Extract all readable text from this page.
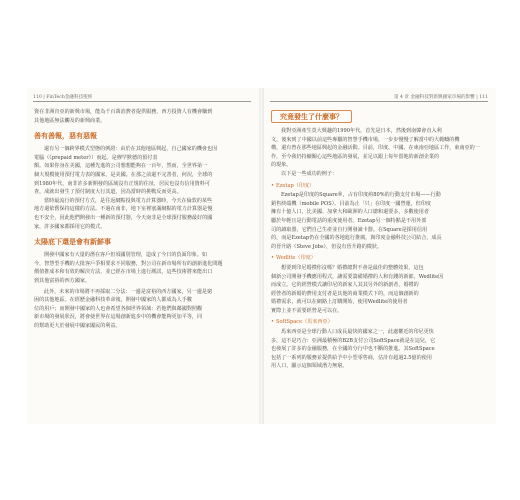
110 | FinTech金融科技聖經
資在非洲肯亞的新興市場，能為千百萬消費者提供服務，西方投資人有機會賺到
其他地區無法觸及的新興商業。
善有善報，惡有惡報
還有另一個跨界模式型態的例證：由於在其他地區興起，自己國家的機會也因
電腦（《prepaid meter》）而起。是穆罕默德的預付表
額。如果你身在美國，這種先進的公司想想能夠在一百年，然而，全世界第一
個大規模使用預付電力表的國家，是美國。在那之前還不完善者，何況，全球的
到1980年代，南非許多新開發的區域沒有正規的住址，居民也沒有信用資料可
查，成就出發生了預付制度大行其道，因為當時的挑戰反而更高。
當時最流行的預付方式，是往返網點投與電力計算器時，今天在倫敦的某些
地方還依舊保持這樣的方法。不過在南非，地下室裡塞滿網點的電力計算器是慢
也不安全，因此他們開發出一種新的預付器，今天南非是全球預付服務最好的國
家，許多國家都採用它的模式。
太陽底下還是會有新鮮事
開發中國家有大量的潛在客戶但須國別管理，造成了今日的負面印象。如
今，智慧型手機的大批客戶爭相要求不同服務，對公司在新市場所有的創新進化問題
價值推成本和有效的解決方法，並已經在市場上進行測試，這些技術將來能出口
到其他富裕的西方國家。
此外，未來的市場將不再採取二分法：一邊是富裕的西方國家，另一邊是窮
困的其他地區。在經歷金融科技革命後，開發中國家的人都成為人手數
位的用戶；而開發中國家的人也會希望各個世界領域：若他們與鄰國對照觀
新市場的發展狀況，將會使世界在這場創新進步中的機會能夠更加平等，同
的幫助更大於發展中國家國民的利益。
第 4 章 金融科技對新興國家市場的影響 | 111
究竟發生了什麼事？
我對亞洲產生莫大興趣的1990年代，首先是日本，然後到南韓會直入利
文，後來到了中國以前這些專屬的智慧手機市場，一步步慢慢了解當中的大範疇的機
構，還有曾在那些地區興起的金融活動。目前，印度、中國、在東南亞地區工作，東南亞的一
作，至今我仍持續關心這些地區的發展，並足以跟上每年當地的新創企業的
的現象。
以下是一些成功的例子：
• Ezetap（印度）
Ezetap是印度的Square®，占有印度約80%的行動支付市場——行動
銷售終端機（mobile POS）。目前為止「只」在印度一國營運，但印度
擁有十億人口，比美國、加拿大和歐洲的人口總和還要多，多數使用者
屬於年輕且是行動電話的重度使用者。Ezetap另一個特點是不用外部
司的讀取器，它們自己生產並自行開發讀卡器。在Square是採用信用
的，而是Ezetap仍在全國的各地進行推廣，與印度金融科技公司結合，成長
的晉升路（Steve Jobs），但沒有晉升路的徵狀。
• Wedlite（印度）
想要到印尼婚禮你沒嗎？婚禮總對不會是最佳的整體效果，這包
個新公司開發手機應用程式，讓需要籌備婚禮的人和有錢的新郎，Wedlite因
而成立。它的經營模式讓印尼的新家人其其另外的新創者，婚禮的
經營者的新婚的費用支付者是其他的商業模式下的，而這個創新的
婚禮需求，就可以在網路上訂購開始，使用Wedlite的使用者
實際上並不需要經營是可以在。
• SoftSpace（馬來西亞）
馬來西亞是全球行動人口成長最快的國家之一，此處權近的印尼更快
多，這不是巧合：亞洲最積極的B2B支付公司SoftSpace就是在這兒，它
也發展了許多的金融服務，在全國的分行中也不斷的推進。其SoftSpace
包括了一系列的服務並提供給予中小型零售商，估計有超過2.5億的使用
用人口，顯示這個領域潛力無窮。
